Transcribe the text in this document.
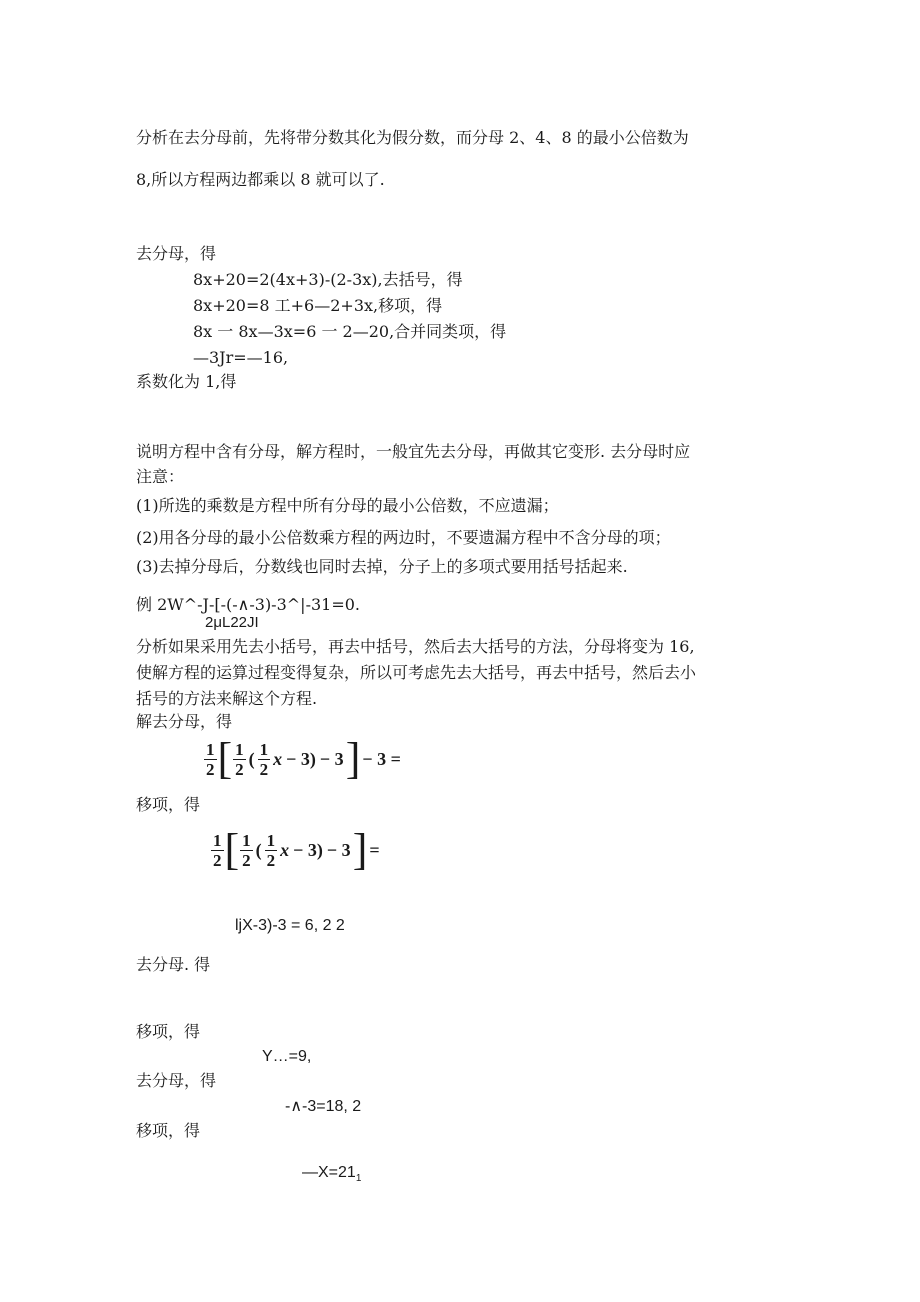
分析在去分母前，先将带分数其化为假分数，而分母 2、4、8 的最小公倍数为
8,所以方程两边都乘以 8 就可以了.
去分母，得
8x+20=2(4x+3)-(2-3x),去括号，得
8x+20=8 工+6—2+3x,移项，得
8x 一 8x—3x=6 一 2—20,合并同类项，得
—3Jr=—16,
系数化为 1,得
说明方程中含有分母，解方程时，一般宜先去分母，再做其它变形. 去分母时应
注意：
(1)所选的乘数是方程中所有分母的最小公倍数，不应遗漏；
(2)用各分母的最小公倍数乘方程的两边时，不要遗漏方程中不含分母的项；
(3)去掉分母后，分数线也同时去掉，分子上的多项式要用括号括起来.
例 2W^-J-[-(-∧-3)-3^|-31=0.
2μL22JI
分析如果采用先去小括号，再去中括号，然后去大括号的方法，分母将变为 16,
使解方程的运算过程变得复杂，所以可考虑先去大括号，再去中括号，然后去小
括号的方法来解这个方程.
解去分母，得
$\frac{1}{2}$ [ $\frac{1}{2}$ ( $\frac{1}{2}$ x − 3) − 3 ] − 3 =
移项，得
$\frac{1}{2}$ [ $\frac{1}{2}$ ( $\frac{1}{2}$ x − 3) − 3 ] =
ljX-3)-3 = 6, 2 2
去分母. 得
移项，得
Y…=9,
去分母，得
-∧-3=18, 2
移项，得
$—X=21_1$
